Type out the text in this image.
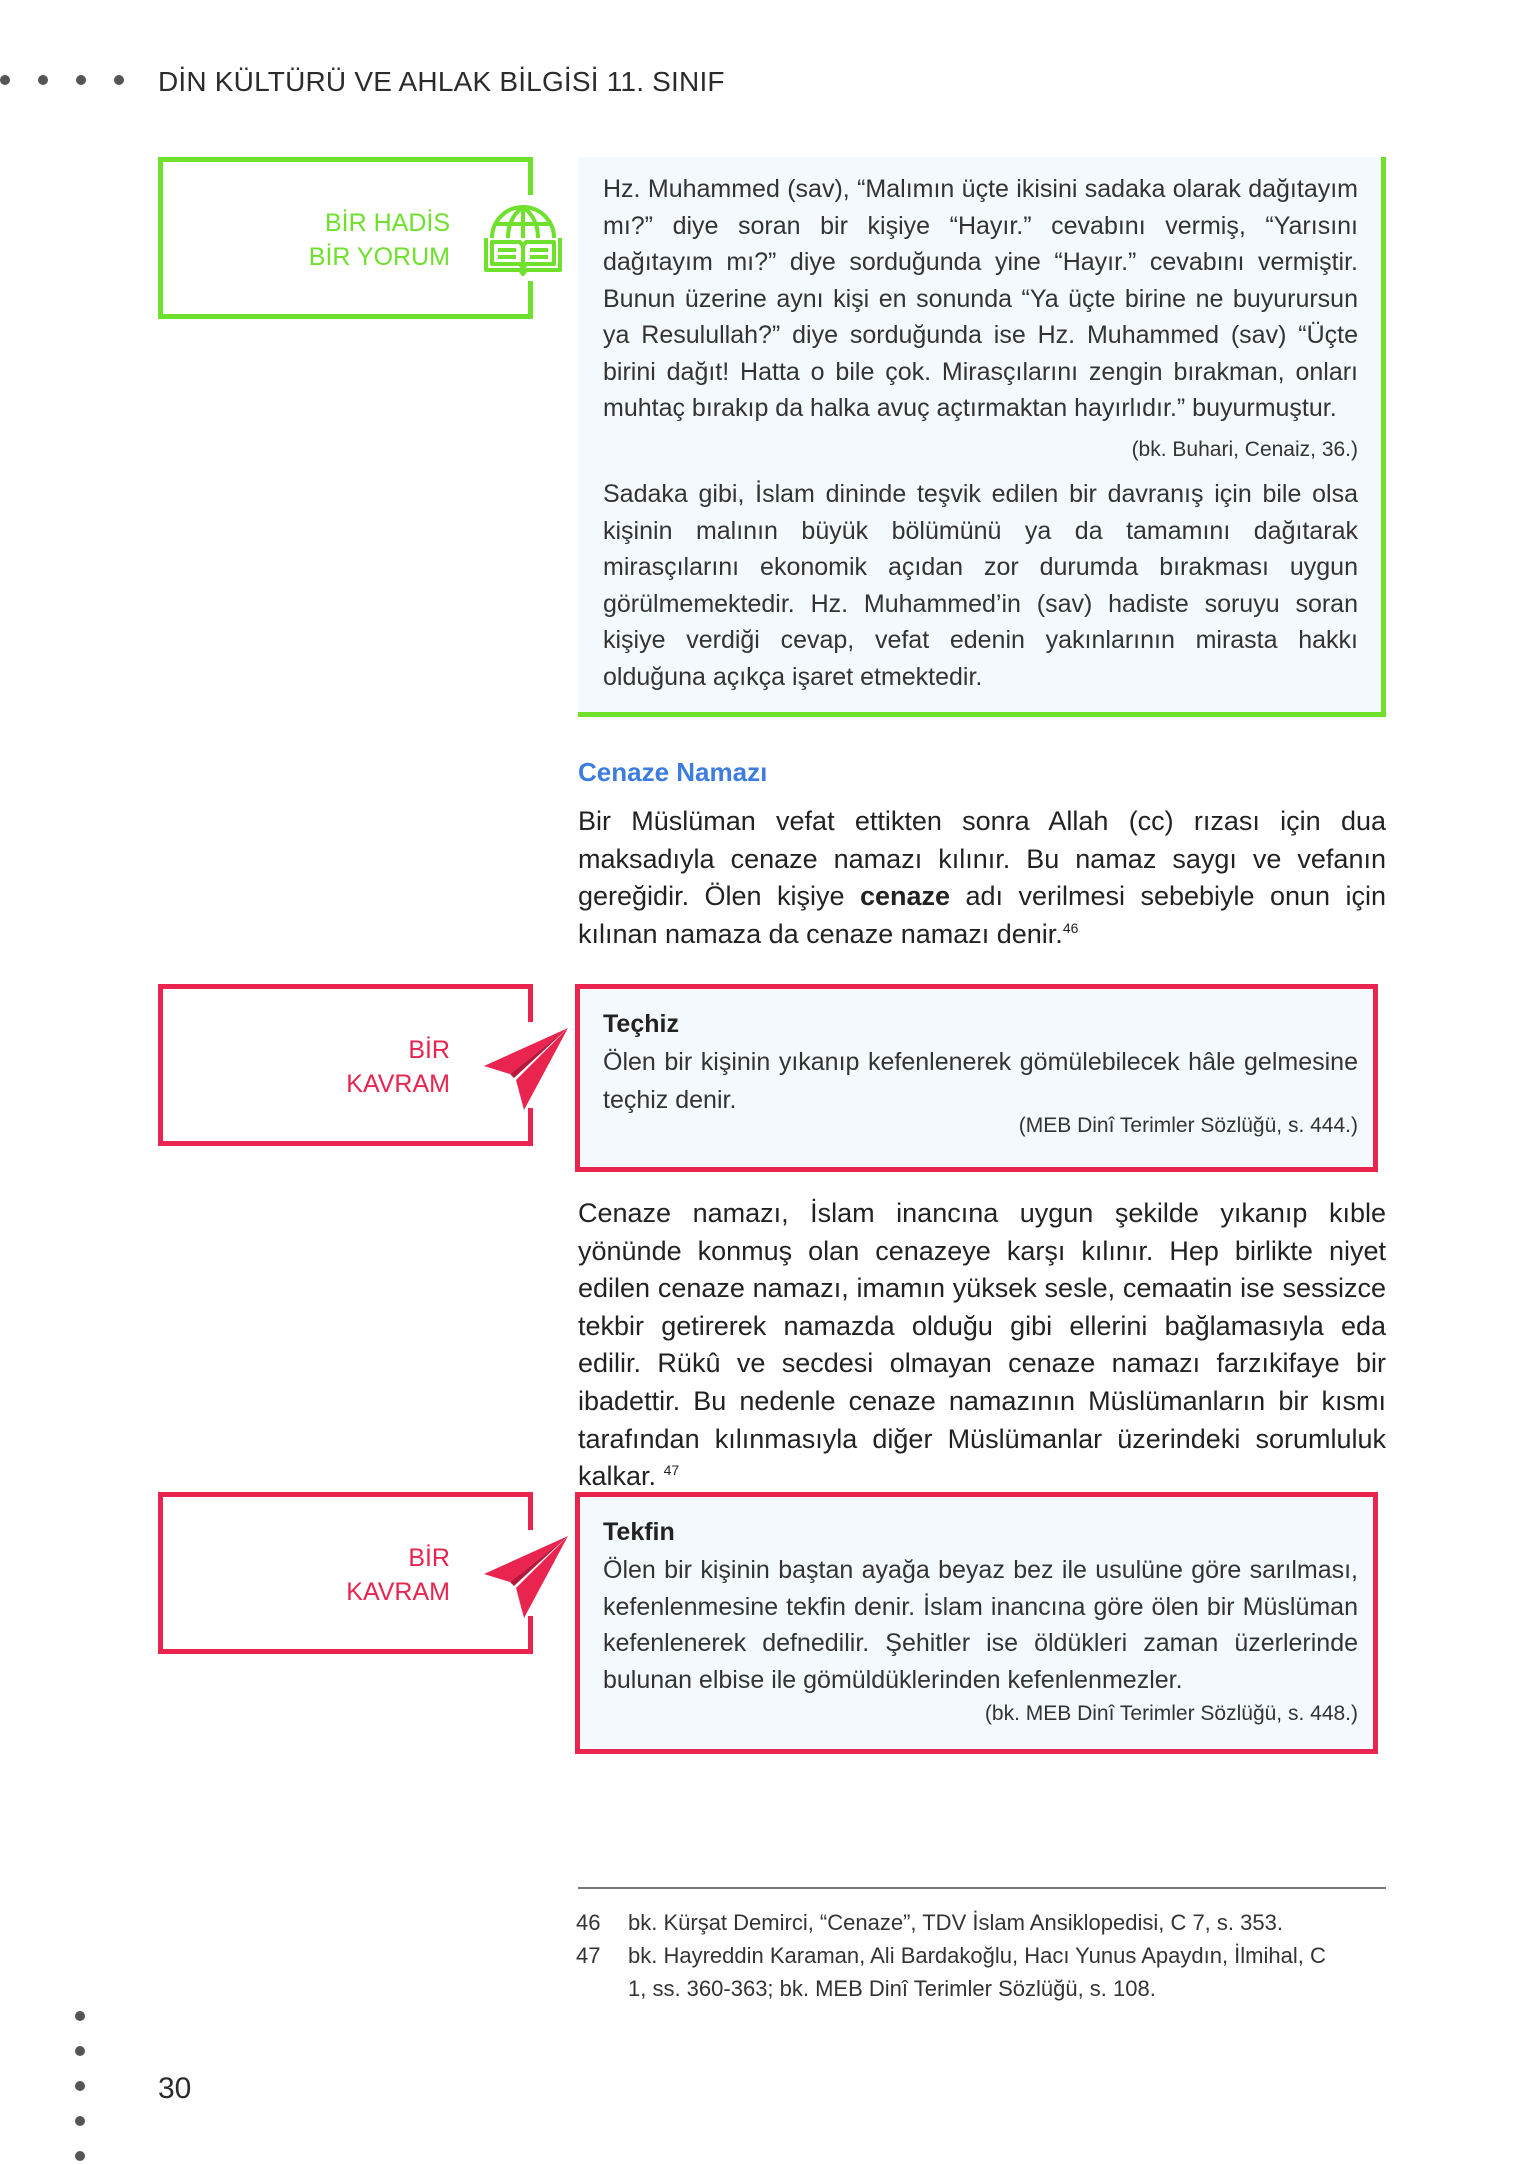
DİN KÜLTÜRÜ VE AHLAK BİLGİSİ 11. SINIF
BİR HADİS
BİR YORUM
Hz. Muhammed (sav), “Malımın üçte ikisini sadaka olarak dağıtayım mı?” diye soran bir kişiye “Hayır.” cevabını vermiş, “Yarısını dağıtayım mı?” diye sorduğunda yine “Hayır.” cevabını vermiştir. Bunun üzerine aynı kişi en sonunda “Ya üçte birine ne buyurursun ya Resulullah?” diye sorduğunda ise Hz. Muhammed (sav) “Üçte birini dağıt! Hatta o bile çok. Mirasçılarını zengin bırakman, onları muhtaç bırakıp da halka avuç açtırmaktan hayırlıdır.” buyurmuştur.
(bk. Buhari, Cenaiz, 36.)
Sadaka gibi, İslam dininde teşvik edilen bir davranış için bile olsa kişinin malının büyük bölümünü ya da tamamını dağıtarak mirasçılarını ekonomik açıdan zor durumda bırakması uygun görülmemektedir. Hz. Muhammed’in (sav) hadiste soruyu soran kişiye verdiği cevap, vefat edenin yakınlarının mirasta hakkı olduğuna açıkça işaret etmektedir.
Cenaze Namazı
Bir Müslüman vefat ettikten sonra Allah (cc) rızası için dua maksadıyla cenaze namazı kılınır. Bu namaz saygı ve vefanın gereğidir. Ölen kişiye cenaze adı verilmesi sebebiyle onun için kılınan namaza da cenaze namazı denir.$^{46}$
BİR
KAVRAM
Teçhiz
Ölen bir kişinin yıkanıp kefenlenerek gömülebilecek hâle gelmesine teçhiz denir.
(MEB Dinî Terimler Sözlüğü, s. 444.)
Cenaze namazı, İslam inancına uygun şekilde yıkanıp kıble yönünde konmuş olan cenazeye karşı kılınır. Hep birlikte niyet edilen cenaze namazı, imamın yüksek sesle, cemaatin ise sessizce tekbir getirerek namazda olduğu gibi ellerini bağlamasıyla eda edilir. Rükû ve secdesi olmayan cenaze namazı farzıkifaye bir ibadettir. Bu nedenle cenaze namazının Müslümanların bir kısmı tarafından kılınmasıyla diğer Müslümanlar üzerindeki sorumluluk kalkar. $^{47}$
BİR
KAVRAM
Tekfin
Ölen bir kişinin baştan ayağa beyaz bez ile usulüne göre sarılması, kefenlenmesine tekfin denir. İslam inancına göre ölen bir Müslüman kefenlenerek defnedilir. Şehitler ise öldükleri zaman üzerlerinde bulunan elbise ile gömüldüklerinden kefenlenmezler.
(bk. MEB Dinî Terimler Sözlüğü, s. 448.)
46 bk. Kürşat Demirci, “Cenaze”, TDV İslam Ansiklopedisi, C 7, s. 353.
47 bk. Hayreddin Karaman, Ali Bardakoğlu, Hacı Yunus Apaydın, İlmihal, C 1, ss. 360-363; bk. MEB Dinî Terimler Sözlüğü, s. 108.
30
